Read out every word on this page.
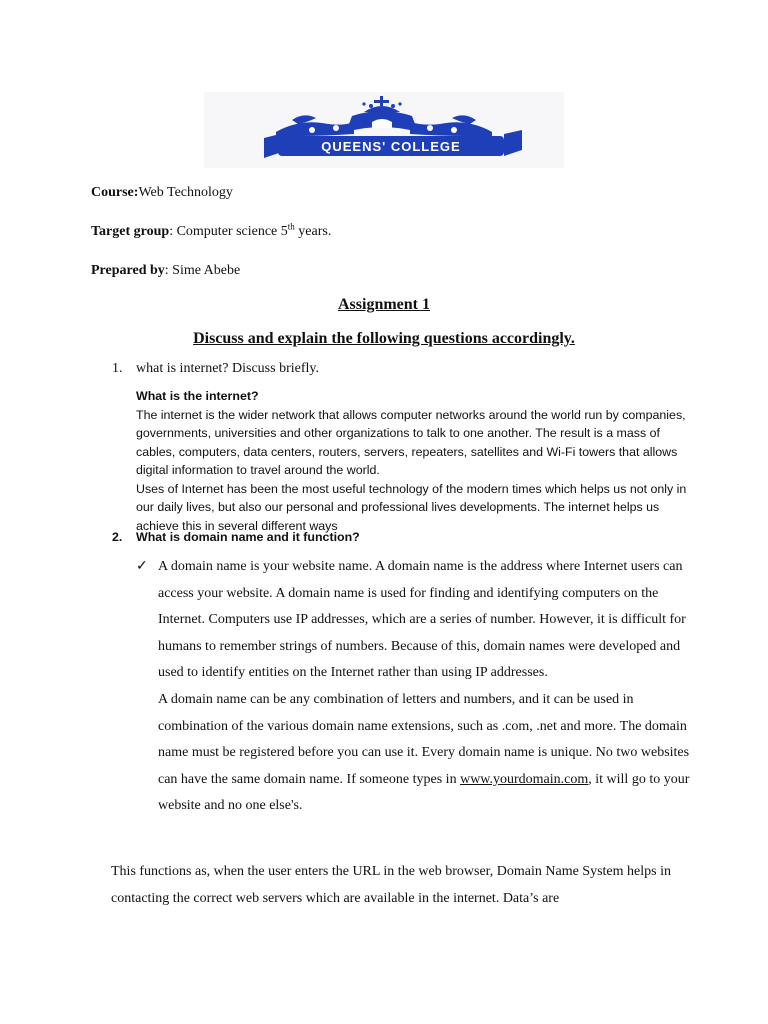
QUEENS' COLLEGE
Course:Web Technology
Target group: Computer science 5th years.
Prepared by: Sime Abebe
Assignment 1
Discuss and explain the following questions accordingly.
1. what is internet? Discuss briefly.

What is the internet?

The internet is the wider network that allows computer networks around the world run by companies, governments, universities and other organizations to talk to one another. The result is a mass of cables, computers, data centers, routers, servers, repeaters, satellites and Wi-Fi towers that allows digital information to travel around the world.

Uses of Internet has been the most useful technology of the modern times which helps us not only in our daily lives, but also our personal and professional lives developments. The internet helps us achieve this in several different ways

2. What is domain name and it function?
✓ A domain name is your website name. A domain name is the address where Internet users can access your website. A domain name is used for finding and identifying computers on the Internet. Computers use IP addresses, which are a series of number. However, it is difficult for humans to remember strings of numbers. Because of this, domain names were developed and used to identify entities on the Internet rather than using IP addresses.

A domain name can be any combination of letters and numbers, and it can be used in combination of the various domain name extensions, such as .com, .net and more. The domain name must be registered before you can use it. Every domain name is unique. No two websites can have the same domain name. If someone types in www.yourdomain.com, it will go to your website and no one else's.

This functions as, when the user enters the URL in the web browser, Domain Name System helps in contacting the correct web servers which are available in the internet. Data’s are
